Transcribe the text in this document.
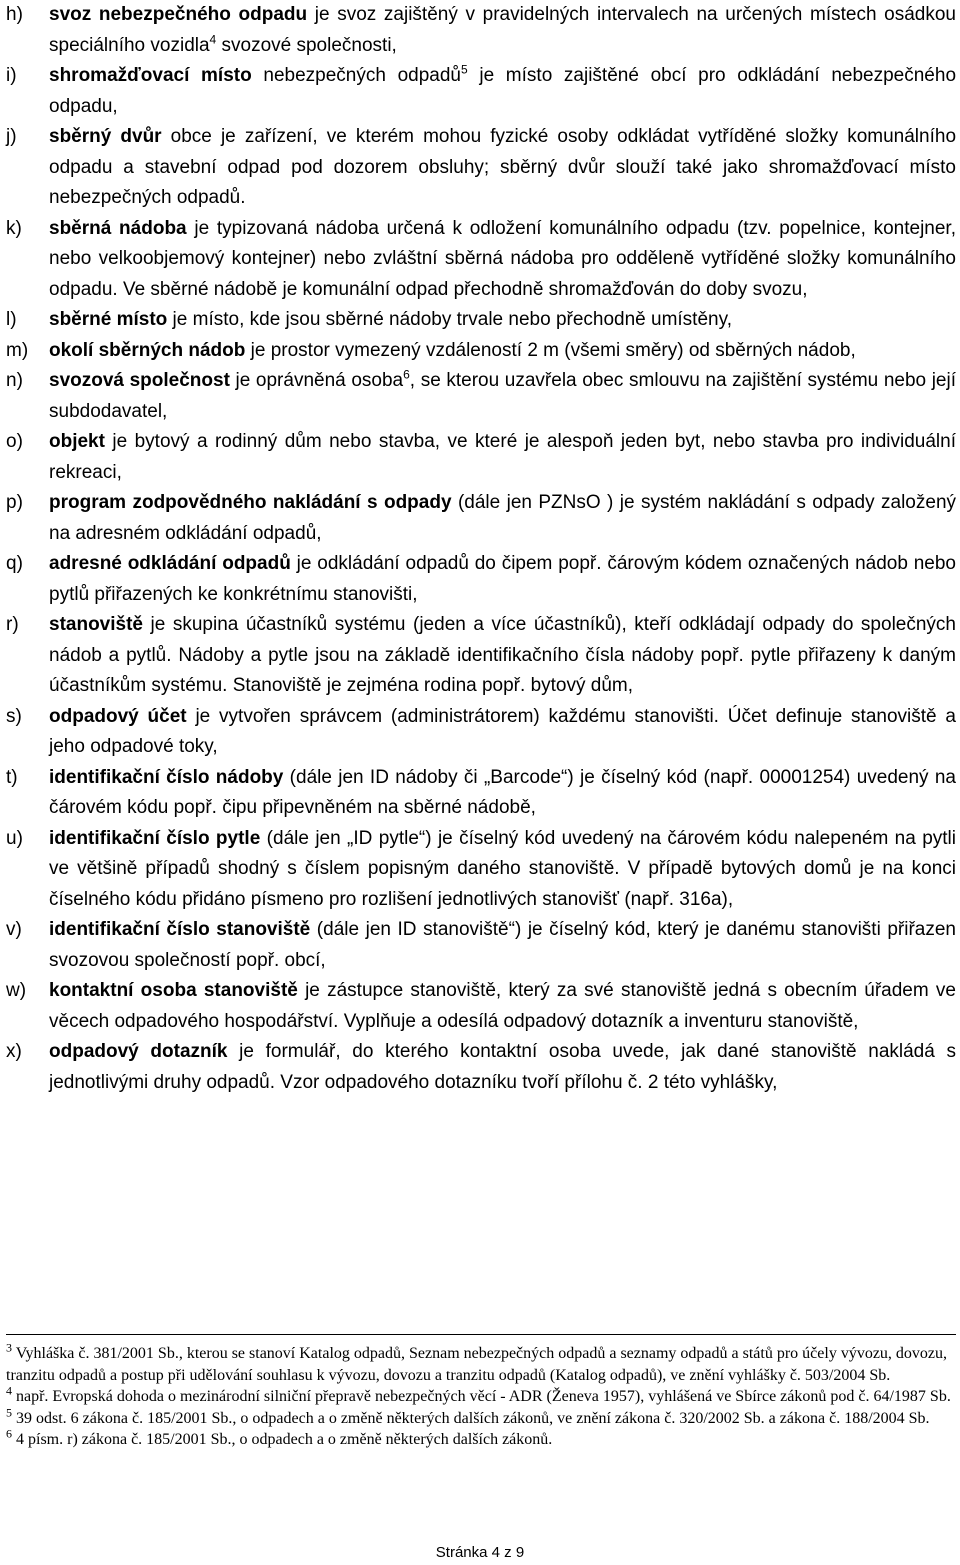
h) svoz nebezpečného odpadu je svoz zajištěný v pravidelných intervalech na určených místech osádkou speciálního vozidla$^4$ svozové společnosti,
i) shromažďovací místo nebezpečných odpadů$^5$ je místo zajištěné obcí pro odkládání nebezpečného odpadu,
j) sběrný dvůr obce je zařízení, ve kterém mohou fyzické osoby odkládat vytříděné složky komunálního odpadu a stavební odpad pod dozorem obsluhy; sběrný dvůr slouží také jako shromažďovací místo nebezpečných odpadů.
k) sběrná nádoba je typizovaná nádoba určená k odložení komunálního odpadu (tzv. popelnice, kontejner, nebo velkoobjemový kontejner) nebo zvláštní sběrná nádoba pro odděleně vytříděné složky komunálního odpadu. Ve sběrné nádobě je komunální odpad přechodně shromažďován do doby svozu,
l) sběrné místo je místo, kde jsou sběrné nádoby trvale nebo přechodně umístěny,
m) okolí sběrných nádob je prostor vymezený vzdáleností 2 m (všemi směry) od sběrných nádob,
n) svozová společnost je oprávněná osoba$^6$, se kterou uzavřela obec smlouvu na zajištění systému nebo její subdodavatel,
o) objekt je bytový a rodinný dům nebo stavba, ve které je alespoň jeden byt, nebo stavba pro individuální rekreaci,
p) program zodpovědného nakládání s odpady (dále jen PZNsO ) je systém nakládání s odpady založený na adresném odkládání odpadů,
q) adresné odkládání odpadů je odkládání odpadů do čipem popř. čárovým kódem označených nádob nebo pytlů přiřazených ke konkrétnímu stanovišti,
r) stanoviště je skupina účastníků systému (jeden a více účastníků), kteří odkládají odpady do společných nádob a pytlů. Nádoby a pytle jsou na základě identifikačního čísla nádoby popř. pytle přiřazeny k daným účastníkům systému. Stanoviště je zejména rodina popř. bytový dům,
s) odpadový účet je vytvořen správcem (administrátorem) každému stanovišti. Účet definuje stanoviště a jeho odpadové toky,
t) identifikační číslo nádoby (dále jen ID nádoby či „Barcode“) je číselný kód (např. 00001254) uvedený na čárovém kódu popř. čipu připevněném na sběrné nádobě,
u) identifikační číslo pytle (dále jen „ID pytle“) je číselný kód uvedený na čárovém kódu nalepeném na pytli ve většině případů shodný s číslem popisným daného stanoviště. V případě bytových domů je na konci číselného kódu přidáno písmeno pro rozlišení jednotlivých stanovišť (např. 316a),
v) identifikační číslo stanoviště (dále jen ID stanoviště“) je číselný kód, který je danému stanovišti přiřazen svozovou společností popř. obcí,
w) kontaktní osoba stanoviště je zástupce stanoviště, který za své stanoviště jedná s obecním úřadem ve věcech odpadového hospodářství. Vyplňuje a odesílá odpadový dotazník a inventuru stanoviště,
x) odpadový dotazník je formulář, do kterého kontaktní osoba uvede, jak dané stanoviště nakládá s jednotlivými druhy odpadů. Vzor odpadového dotazníku tvoří přílohu č. 2 této vyhlášky,
$^3$ Vyhláška č. 381/2001 Sb., kterou se stanoví Katalog odpadů, Seznam nebezpečných odpadů a seznamy odpadů a států pro účely vývozu, dovozu, tranzitu odpadů a postup při udělování souhlasu k vývozu, dovozu a tranzitu odpadů (Katalog odpadů), ve znění vyhlášky č. 503/2004 Sb.
$^4$ např. Evropská dohoda o mezinárodní silniční přepravě nebezpečných věcí - ADR (Ženeva 1957), vyhlášená ve Sbírce zákonů pod č. 64/1987 Sb.
$^5$ 39 odst. 6 zákona č. 185/2001 Sb., o odpadech a o změně některých dalších zákonů, ve znění zákona č. 320/2002 Sb. a zákona č. 188/2004 Sb.
$^6$ 4 písm. r) zákona č. 185/2001 Sb., o odpadech a o změně některých dalších zákonů.
Stránka 4 z 9
